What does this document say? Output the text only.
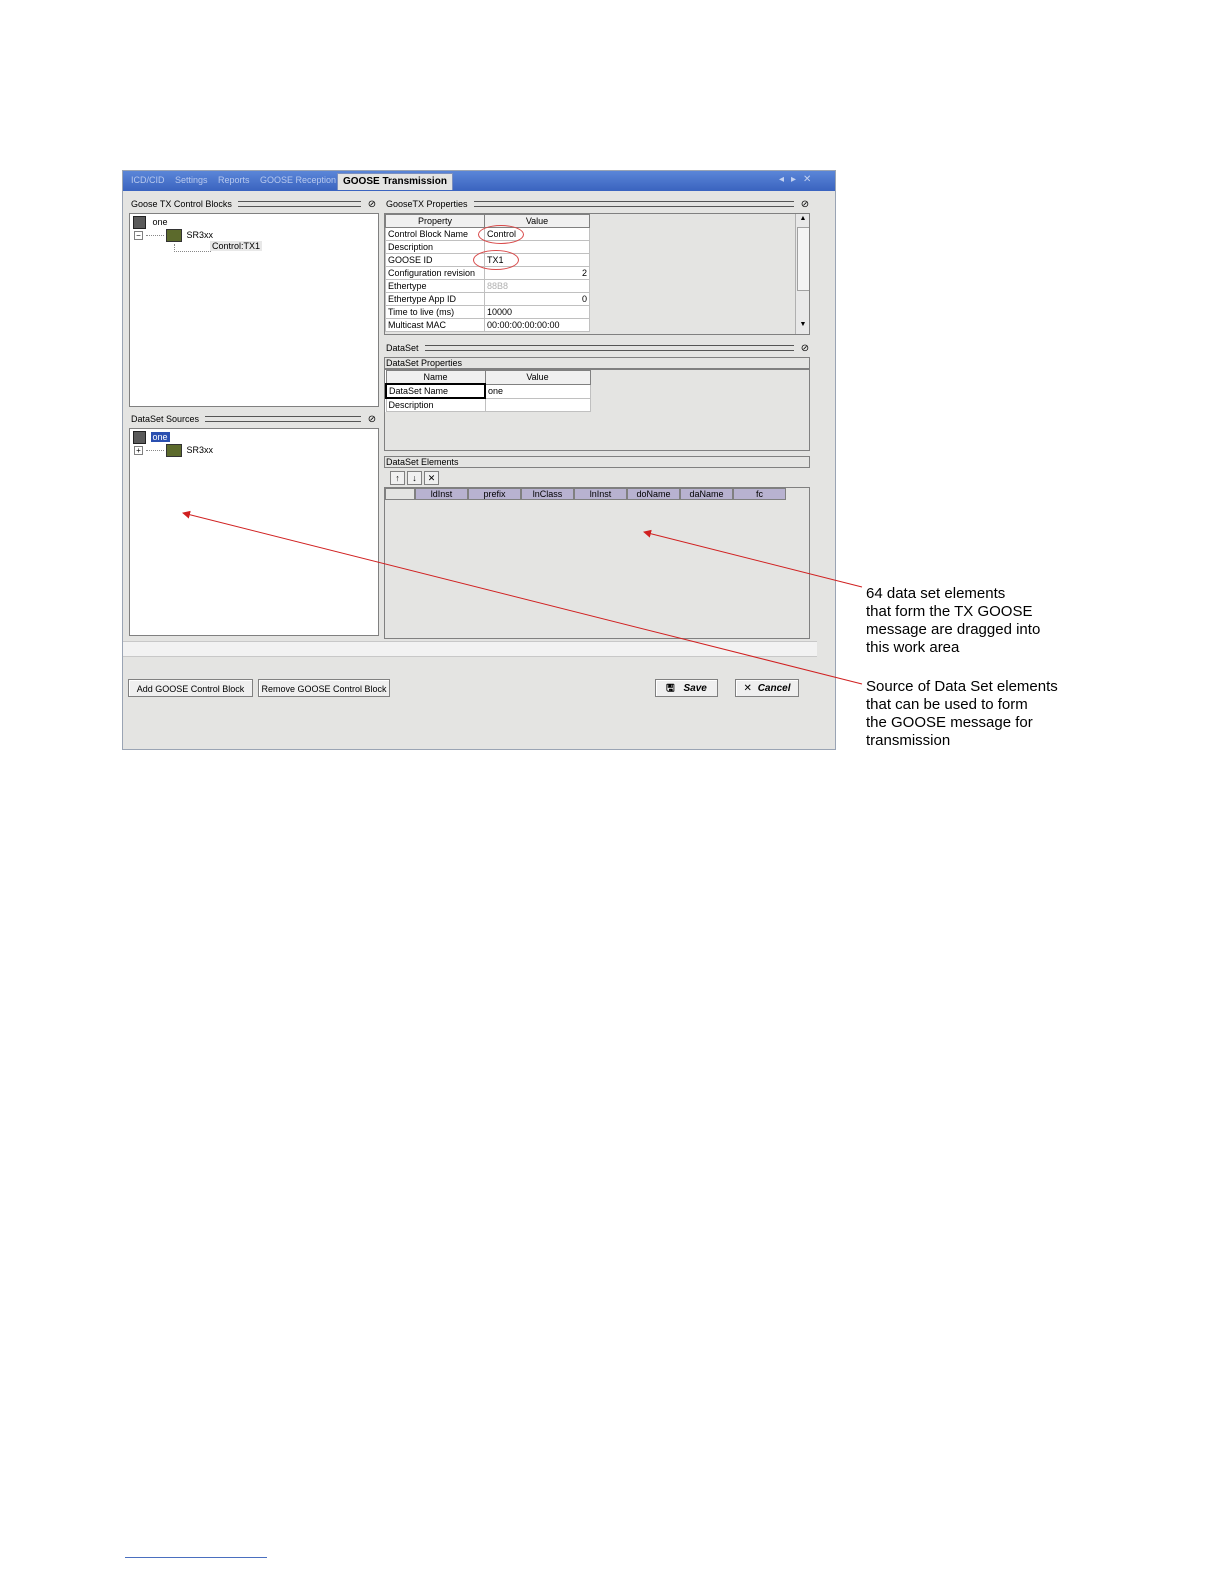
ICD/CID Settings Reports GOOSE Reception GOOSE Transmission	◂ ▸ ✕
Goose TX Control Blocks	⊘
one
−	SR3xx
Control:TX1
DataSet Sources	⊘
one
+	SR3xx
GooseTX Properties	⊘
Property	Value
Control Block Name	Control
Description	
GOOSE ID	TX1
Configuration revision	2
Ethertype	88B8
Ethertype App ID	0
Time to live (ms)	10000
Multicast MAC	00:00:00:00:00:00
▲
▼
DataSet	⊘
DataSet Properties
Name	Value
DataSet Name	one
Description	
DataSet Elements
↑	↓	✕
ldInst	prefix	lnClass	lnInst	doName	daName	fc
Add GOOSE Control Block	Remove GOOSE Control Block	🖫 Save	✕ Cancel
64 data set elements
that form the TX GOOSE
message are dragged into
this work area
Source of Data Set elements
that can be used to form
the GOOSE message for
transmission
